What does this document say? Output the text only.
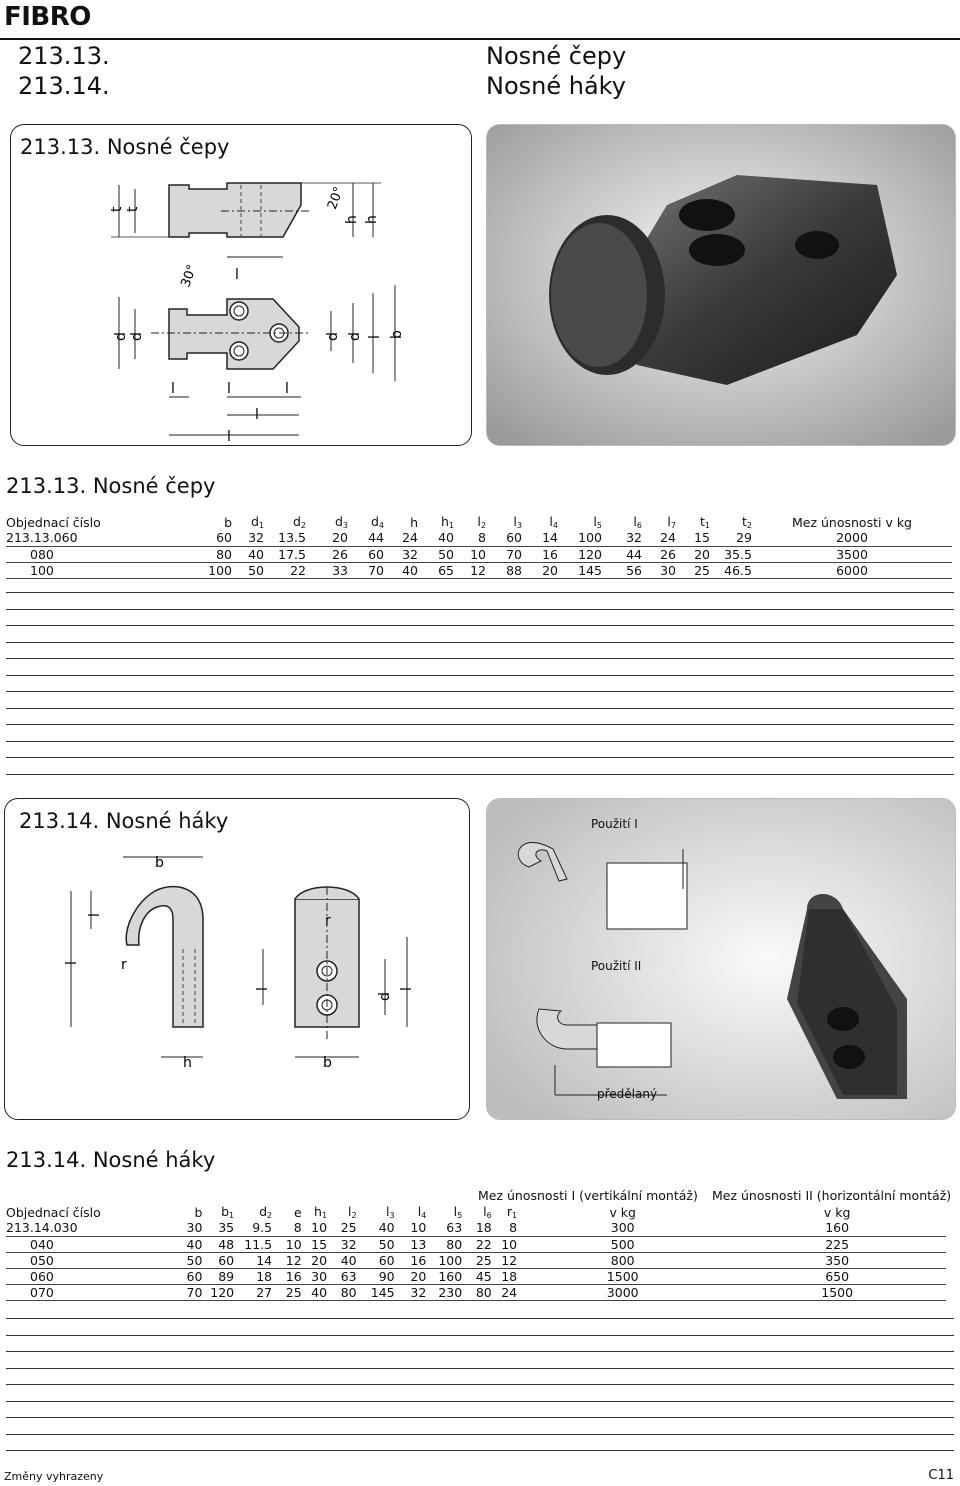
FIBRO
213.13.
213.14.
Nosné čepy
Nosné háky
213.13. Nosné čepy
l
t t
h h
20°
30°
d d	d d l b
l	l	l
l
l
213.13. Nosné čepy
Objednací číslo	b	$d_1$	$d_2$	$d_3$	$d_4$	h	$h_1$	$l_2$	$l_3$	$l_4$	$l_5$	$l_6$	$l_7$	$t_1$	$t_2$	Mez únosnosti v kg
213.13.060	60	32	13.5	20	44	24	40	8	60	14	100	32	24	15	29	2000
080	80	40	17.5	26	60	32	50	10	70	16	120	44	26	20	35.5	3500
100	100	50	22	33	70	40	65	12	88	20	145	56	30	25	46.5	6000
213.14. Nosné háky
b
l
l	r
h
l
d
l
b
r
Použití I
Použití II
předělaný
213.14. Nosné háky
Mez únosnosti I (vertikální montáž) Mez únosnosti II (horizontální montáž)
Objednací číslo	b	$b_1$	$d_2$	e	$h_1$	$l_2$	$l_3$	$l_4$	$l_5$	$l_6$	$r_1$	v kg	v kg
213.14.030	30	35	9.5	8	10	25	40	10	63	18	8	300	160
040	40	48	11.5	10	15	32	50	13	80	22	10	500	225
050	50	60	14	12	20	40	60	16	100	25	12	800	350
060	60	89	18	16	30	63	90	20	160	45	18	1500	650
070	70	120	27	25	40	80	145	32	230	80	24	3000	1500
Změny vyhrazeny	C11
